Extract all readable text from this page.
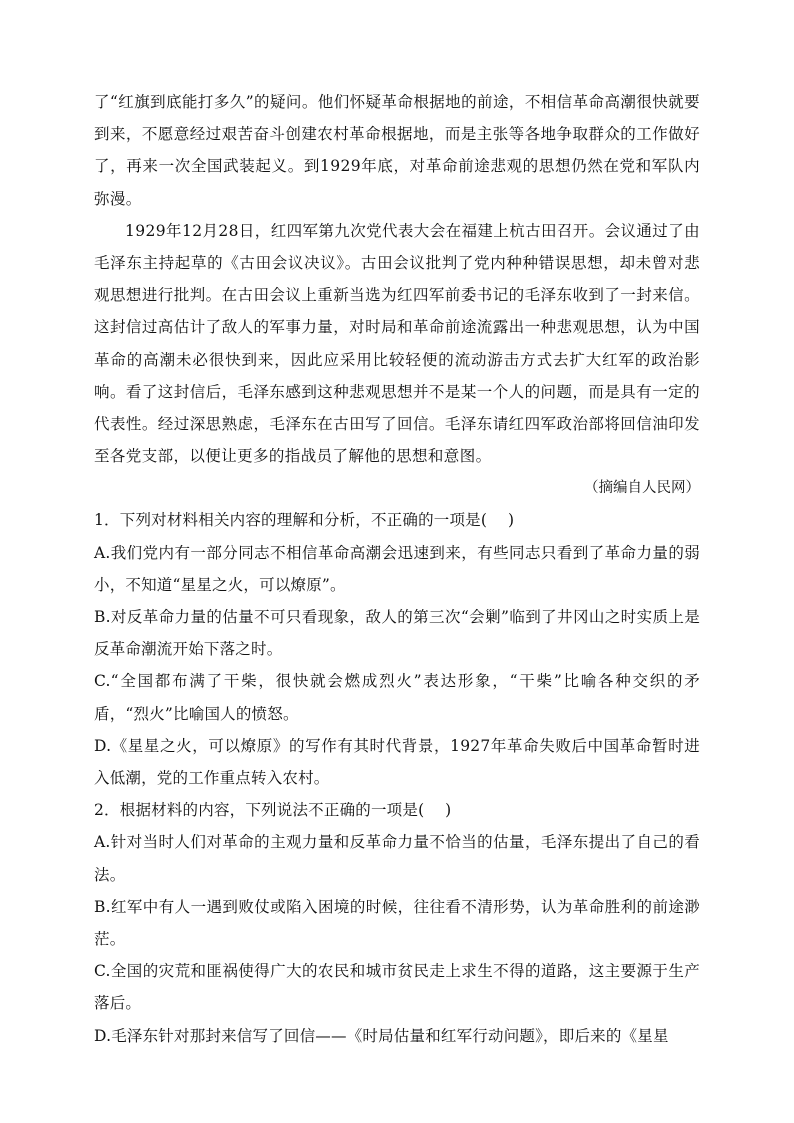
了“红旗到底能打多久”的疑问。他们怀疑革命根据地的前途，不相信革命高潮很快就要到来，不愿意经过艰苦奋斗创建农村革命根据地，而是主张等各地争取群众的工作做好了，再来一次全国武装起义。到1929年底，对革命前途悲观的思想仍然在党和军队内弥漫。

1929年12月28日，红四军第九次党代表大会在福建上杭古田召开。会议通过了由毛泽东主持起草的《古田会议决议》。古田会议批判了党内种种错误思想，却未曾对悲观思想进行批判。在古田会议上重新当选为红四军前委书记的毛泽东收到了一封来信。这封信过高估计了敌人的军事力量，对时局和革命前途流露出一种悲观思想，认为中国革命的高潮未必很快到来，因此应采用比较轻便的流动游击方式去扩大红军的政治影响。看了这封信后，毛泽东感到这种悲观思想并不是某一个人的问题，而是具有一定的代表性。经过深思熟虑，毛泽东在古田写了回信。毛泽东请红四军政治部将回信油印发至各党支部，以便让更多的指战员了解他的思想和意图。

（摘编自人民网）

1．下列对材料相关内容的理解和分析，不正确的一项是(　 )

A.我们党内有一部分同志不相信革命高潮会迅速到来，有些同志只看到了革命力量的弱小，不知道“星星之火，可以燎原”。

B.对反革命力量的估量不可只看现象，敌人的第三次“会剿”临到了井冈山之时实质上是反革命潮流开始下落之时。

C.“全国都布满了干柴，很快就会燃成烈火”表达形象，“干柴”比喻各种交织的矛盾，“烈火”比喻国人的愤怒。

D.《星星之火，可以燎原》的写作有其时代背景，1927年革命失败后中国革命暂时进入低潮，党的工作重点转入农村。

2．根据材料的内容，下列说法不正确的一项是(　 )

A.针对当时人们对革命的主观力量和反革命力量不恰当的估量，毛泽东提出了自己的看法。

B.红军中有人一遇到败仗或陷入困境的时候，往往看不清形势，认为革命胜利的前途渺茫。

C.全国的灾荒和匪祸使得广大的农民和城市贫民走上求生不得的道路，这主要源于生产落后。

D.毛泽东针对那封来信写了回信——《时局估量和红军行动问题》，即后来的《星星
